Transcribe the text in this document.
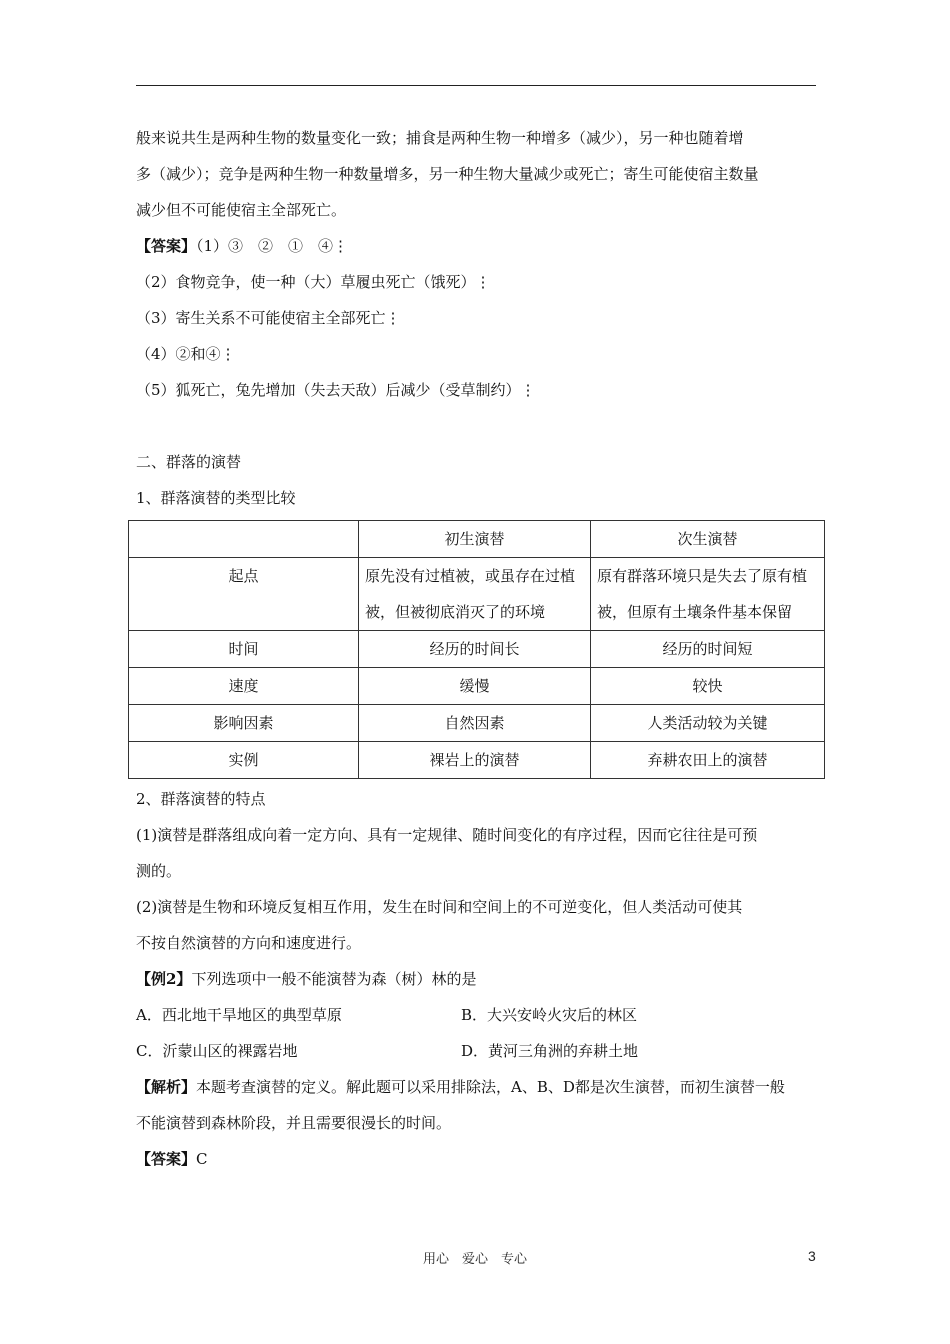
般来说共生是两种生物的数量变化一致；捕食是两种生物一种增多（减少），另一种也随着增

多（减少）；竞争是两种生物一种数量增多，另一种生物大量减少或死亡；寄生可能使宿主数量

减少但不可能使宿主全部死亡。

【答案】（1）③　②　①　④⋮

（2）食物竞争，使一种（大）草履虫死亡（饿死）⋮

（3）寄生关系不可能使宿主全部死亡⋮

（4）②和④⋮

（5）狐死亡，兔先增加（失去天敌）后减少（受草制约）⋮

二、群落的演替

1、群落演替的类型比较

	初生演替	次生演替
起点	原先没有过植被，或虽存在过植被，但被彻底消灭了的环境	原有群落环境只是失去了原有植被，但原有土壤条件基本保留
时间	经历的时间长	经历的时间短
速度	缓慢	较快
影响因素	自然因素	人类活动较为关键
实例	裸岩上的演替	弃耕农田上的演替

2、群落演替的特点

(1)演替是群落组成向着一定方向、具有一定规律、随时间变化的有序过程，因而它往往是可预

测的。

(2)演替是生物和环境反复相互作用，发生在时间和空间上的不可逆变化，但人类活动可使其

不按自然演替的方向和速度进行。

【例2】下列选项中一般不能演替为森（树）林的是

A．西北地干旱地区的典型草原	B．大兴安岭火灾后的林区

C．沂蒙山区的裸露岩地	D．黄河三角洲的弃耕土地

【解析】本题考查演替的定义。解此题可以采用排除法，A、B、D都是次生演替，而初生演替一般

不能演替到森林阶段，并且需要很漫长的时间。

【答案】C

用心　爱心　专心	3
